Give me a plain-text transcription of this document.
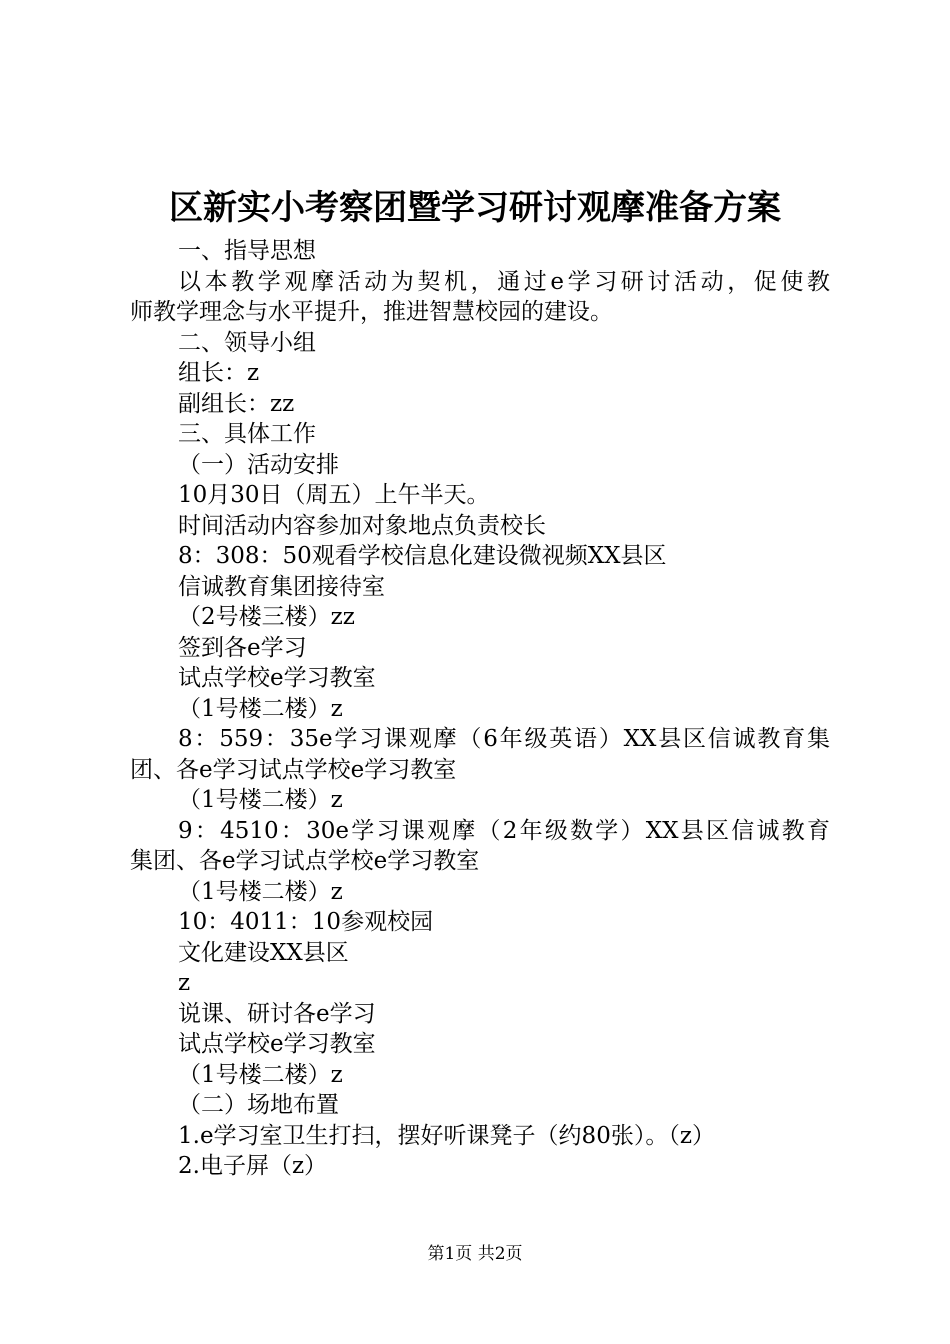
区新实小考察团暨学习研讨观摩准备方案
一、指导思想
以本教学观摩活动为契机，通过e学习研讨活动，促使教
师教学理念与水平提升，推进智慧校园的建设。
二、领导小组
组长：z
副组长：zz
三、具体工作
（一）活动安排
10月30日（周五）上午半天。
时间活动内容参加对象地点负责校长
8：308：50观看学校信息化建设微视频XX县区
信诚教育集团接待室
（2号楼三楼）zz
签到各e学习
试点学校e学习教室
（1号楼二楼）z
8：559：35e学习课观摩（6年级英语）XX县区信诚教育集
团、各e学习试点学校e学习教室
（1号楼二楼）z
9：4510：30e学习课观摩（2年级数学）XX县区信诚教育
集团、各e学习试点学校e学习教室
（1号楼二楼）z
10：4011：10参观校园
文化建设XX县区
z
说课、研讨各e学习
试点学校e学习教室
（1号楼二楼）z
（二）场地布置
1.e学习室卫生打扫，摆好听课凳子（约80张）。（z）
2.电子屏（z）
第1页 共2页
